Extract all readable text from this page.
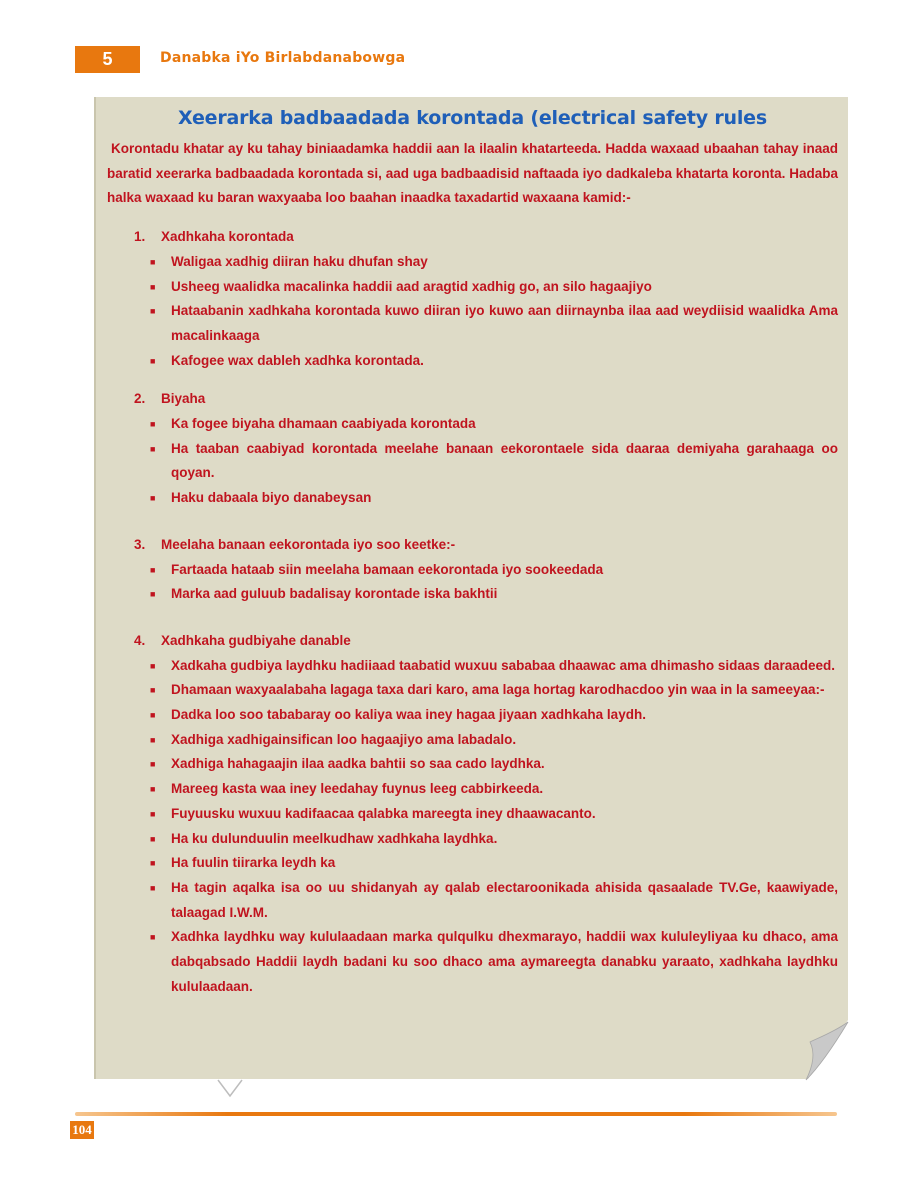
5	Danabka iYo Birlabdanabowga
Xeerarka badbaadada korontada (electrical safety rules

Korontadu khatar ay ku tahay biniaadamka haddii aan la ilaalin khatarteeda. Hadda waxaad ubaahan tahay inaad baratid xeerarka badbaadada korontada si, aad uga badbaadisid naftaada iyo dadkaleba khatarta koronta. Hadaba halka waxaad ku baran waxyaaba loo baahan inaadka taxadartid waxaana kamid:-

1. Xadhkaha korontada
■ Waligaa xadhig diiran haku dhufan shay
■ Usheeg waalidka macalinka haddii aad aragtid xadhig go, an silo hagaajiyo
■ Hataabanin xadhkaha korontada kuwo diiran iyo kuwo aan diirnaynba ilaa aad weydiisid waalidka Ama macalinkaaga
■ Kafogee wax dableh xadhka korontada.
2. Biyaha
■ Ka fogee biyaha dhamaan caabiyada korontada
■ Ha taaban caabiyad korontada meelahe banaan eekorontaele sida daaraa demiyaha garahaaga oo qoyan.
■ Haku dabaala biyo danabeysan
3. Meelaha banaan eekorontada iyo soo keetke:-
■ Fartaada hataab siin meelaha bamaan eekorontada iyo sookeedada
■ Marka aad guluub badalisay korontade iska bakhtii
4. Xadhkaha gudbiyahe danable
■ Xadkaha gudbiya laydhku hadiiaad taabatid wuxuu sababaa dhaawac ama dhimasho sidaas daraadeed.
■ Dhamaan waxyaalabaha lagaga taxa dari karo, ama laga hortag karodhacdoo yin waa in la sameeyaa:-
■ Dadka loo soo tababaray oo kaliya waa iney hagaa jiyaan xadhkaha laydh.
■ Xadhiga xadhigainsifican loo hagaajiyo ama labadalo.
■ Xadhiga hahagaajin ilaa aadka bahtii so saa cado laydhka.
■ Mareeg kasta waa iney leedahay fuynus leeg cabbirkeeda.
■ Fuyuusku wuxuu kadifaacaa qalabka mareegta iney dhaawacanto.
■ Ha ku dulunduulin meelkudhaw xadhkaha laydhka.
■ Ha fuulin tiirarka leydh ka
■ Ha tagin aqalka isa oo uu shidanyah ay qalab electaroonikada ahisida qasaalade TV.Ge, kaawiyade, talaagad I.W.M.
■ Xadhka laydhku way kululaadaan marka qulqulku dhexmarayo, haddii wax kululeyliyaa ku dhaco, ama dabqabsado Haddii laydh badani ku soo dhaco ama aymareegta danabku yaraato, xadhkaha laydhku kululaadaan.
104
